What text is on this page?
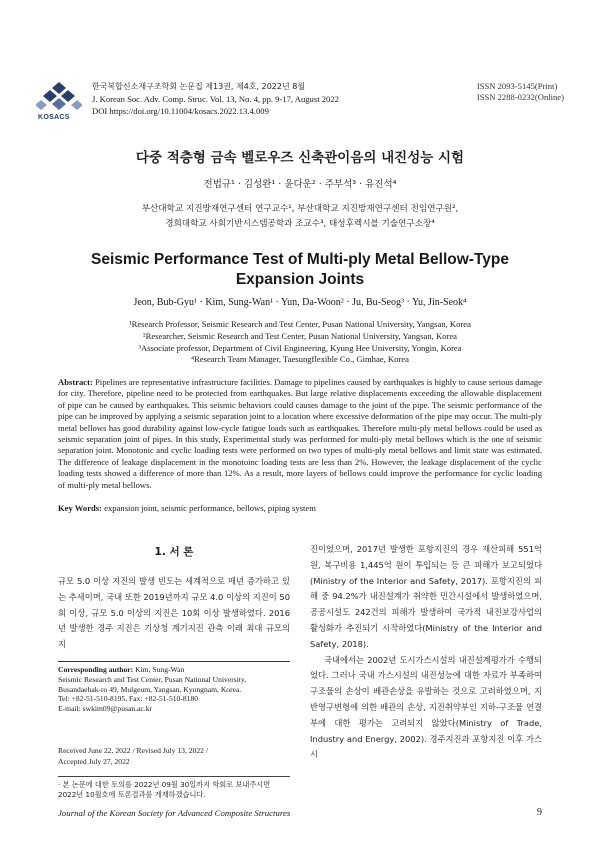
KOSACS
한국복합신소재구조학회 논문집 제13권, 제4호, 2022년 8월
J. Korean Soc. Adv. Comp. Struc. Vol. 13, No. 4, pp. 9-17, August 2022
DOI https://doi.org/10.11004/kosacs.2022.13.4.009
ISSN 2093-5145(Print)
ISSN 2288-0232(Online)
다중 적층형 금속 벨로우즈 신축관이음의 내진성능 시험
전법규¹ · 김성완¹ · 윤다운² · 주부석³ · 유진석⁴
부산대학교 지진방재연구센터 연구교수¹, 부산대학교 지진방재연구센터 전임연구원²,
경희대학교 사회기반시스템공학과 조교수³, 태성후렉시블 기술연구소장⁴
Seismic Performance Test of Multi-ply Metal Bellow-Type Expansion Joints
Jeon, Bub-Gyu¹ · Kim, Sung-Wan¹ · Yun, Da-Woon² · Ju, Bu-Seog³ · Yu, Jin-Seok⁴
¹Research Professor, Seismic Research and Test Center, Pusan National University, Yangsan, Korea
²Researcher, Seismic Research and Test Center, Pusan National University, Yangsan, Korea
³Associate professor, Department of Civil Engineering, Kyung Hee University, Yongin, Korea
⁴Research Team Manager, Taesungflexible Co., Gimhae, Korea
Abstract: Pipelines are representative infrastructure facilities. Damage to pipelines caused by earthquakes is highly to cause serious damage for city. Therefore, pipeline need to be protected from earthquakes. But large relative displacements exceeding the allowable displacement of pipe can be caused by earthquakes. This seismic behaviors could causes damage to the joint of the pipe. The seismic performance of the pipe can be improved by applying a seismic separation joint to a location where excessive deformation of the pipe may occur. The multi-ply metal bellows has good durability against low-cycle fatigue loads such as earthquakes. Therefore multi-ply metal bellows could be used as seismic separation joint of pipes. In this study, Experimental study was performed for multi-ply metal bellows which is the one of seismic separation joint. Monotonic and cyclic loading tests were performed on two types of multi-ply metal bellows and limit state was estimated. The difference of leakage displacement in the monotoinc loading tests are less than 2%. However, the leakage displacement of the cyclic loading tests showed a difference of more than 12%. As a result, more layers of bellows could improve the performance for cyclic loading of multi-ply metal bellows.
Key Words: expansion joint, seismic performance, bellows, piping system
1. 서 론
규모 5.0 이상 지진의 발생 빈도는 세계적으로 매년 증가하고 있는 추세이며, 국내 또한 2019년까지 규모 4.0 이상의 지진이 50회 이상, 규모 5.0 이상의 지진은 10회 이상 발생하였다. 2016년 발생한 경주 지진은 기상청 계기지진 관측 이래 최대 규모의 지

진이었으며, 2017년 발생한 포항지진의 경우 재산피해 551억 원, 복구비용 1,445억 원이 투입되는 등 큰 피해가 보고되었다(Ministry of the Interior and Safety, 2017). 포항지진의 피해 중 94.2%가 내진설계가 취약한 민간시설에서 발생하였으며, 공공시설도 242건의 피해가 발생하여 국가적 내진보강사업의 활성화가 추진되기 시작하였다(Ministry of the Interior and Safety, 2018).

국내에서는 2002년 도시가스시설의 내진설계평가가 수행되었다. 그러나 국내 가스시설의 내진성능에 대한 자료가 부족하여 구조물의 손상이 배관손상을 유발하는 것으로 고려하였으며, 지반영구변형에 의한 배관의 손상, 지진취약부인 지하-구조물 연결부에 대한 평가는 고려되지 않았다(Ministry of Trade, Industry and Energy, 2002). 경주지진과 포항지진 이후 가스시

Corresponding author: Kim, Sung-Wan
Seismic Research and Test Center, Pusan National University,
Busandaehak-ro 49, Mulgeum, Yangsan, Kyungnam, Korea.
Tel: +82-51-510-8195, Fax: +82-51-510-8180
E-mail: swkim09@pusan.ac.kr
Received June 22, 2022 / Revised July 13, 2022 /
Accepted July 27, 2022
· 본 논문에 대한 토의를 2022년 09월 30일까지 학회로 보내주시면 2022년 10월호에 토론결과를 게재하겠습니다.
Journal of the Korean Society for Advanced Composite Structures	9
